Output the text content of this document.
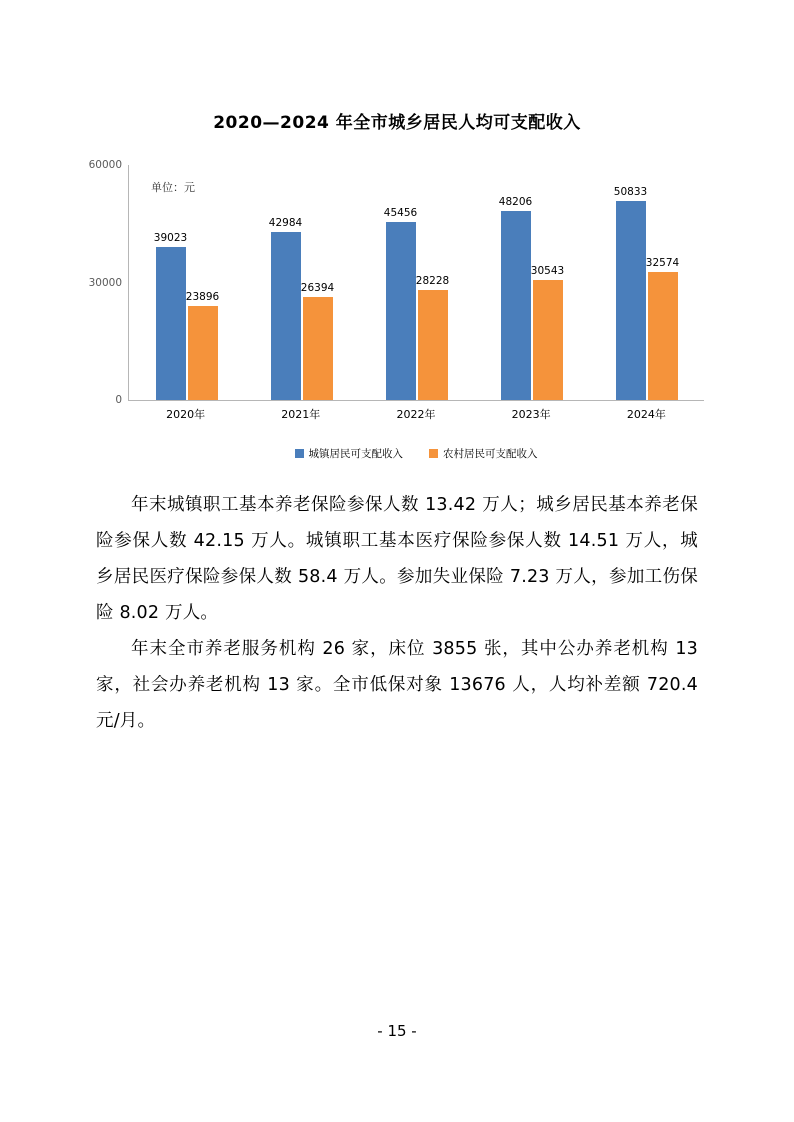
2020—2024 年全市城乡居民人均可支配收入
单位：元
0
30000
60000
39023
23896
42984
26394
45456
28228
48206
30543
50833
32574
2020年	2021年	2022年	2023年	2024年
城镇居民可支配收入	农村居民可支配收入

年末城镇职工基本养老保险参保人数 13.42 万人；城乡居民基本养老保险参保人数 42.15 万人。城镇职工基本医疗保险参保人数 14.51 万人，城乡居民医疗保险参保人数 58.4 万人。参加失业保险 7.23 万人，参加工伤保险 8.02 万人。

年末全市养老服务机构 26 家，床位 3855 张，其中公办养老机构 13 家，社会办养老机构 13 家。全市低保对象 13676 人，人均补差额 720.4 元/月。

- 15 -
